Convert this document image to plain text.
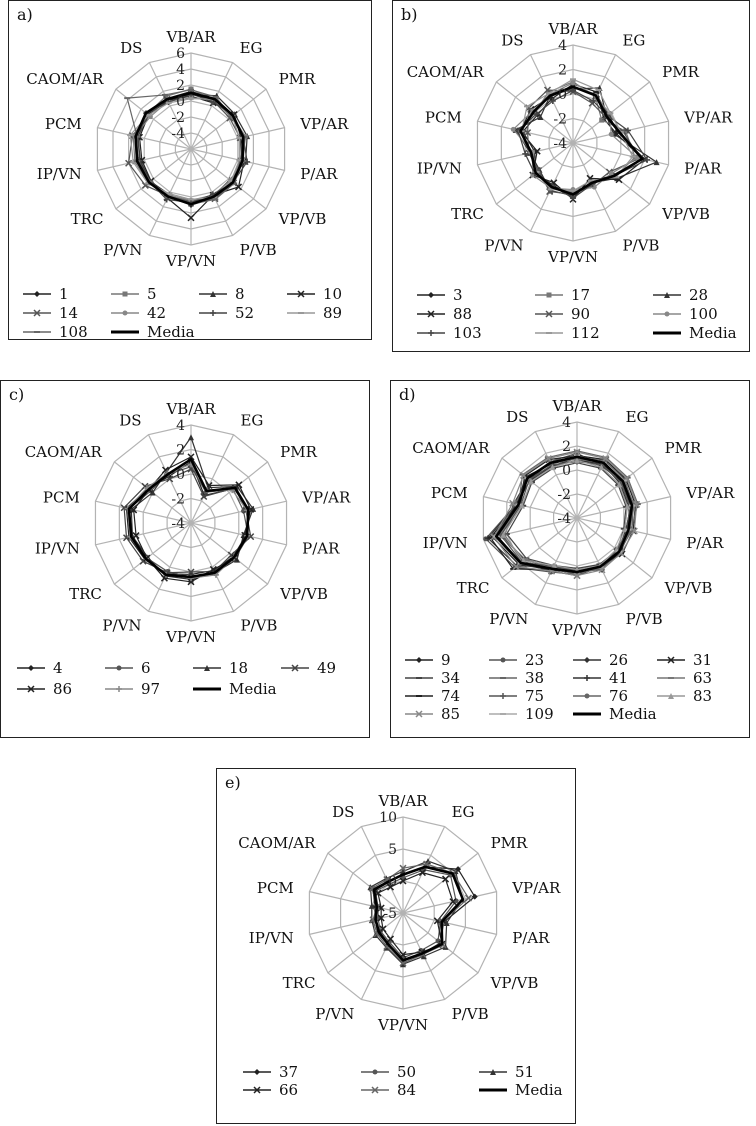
a)
6
4
2
0
-2
-4
VB/AR
EG
PMR
VP/AR
P/AR
VP/VB
P/VB
VP/VN
P/VN
TRC
IP/VN
PCM
CAOM/AR
DS
1	5	8	10
14	42	52	89
108	Media
b)
4
2
0
-2
-4
VB/AR
EG
PMR
VP/AR
P/AR
VP/VB
P/VB
VP/VN
P/VN
TRC
IP/VN
PCM
CAOM/AR
DS
3	17	28
88	90	100
103	112	Media
c)
4
2
0
-2
-4
VB/AR
EG
PMR
VP/AR
P/AR
VP/VB
P/VB
VP/VN
P/VN
TRC
IP/VN
PCM
CAOM/AR
DS
4	6	18	49
86	97	Media
d)
4
2
0
-2
-4
VB/AR
EG
PMR
VP/AR
P/AR
VP/VB
P/VB
VP/VN
P/VN
TRC
IP/VN
PCM
CAOM/AR
DS
9	23	26	31
34	38	41	63
74	75	76	83
85	109	Media
e)
10
5
0
-5
VB/AR
EG
PMR
VP/AR
P/AR
VP/VB
P/VB
VP/VN
P/VN
TRC
IP/VN
PCM
CAOM/AR
DS
37	50	51
66	84	Media
